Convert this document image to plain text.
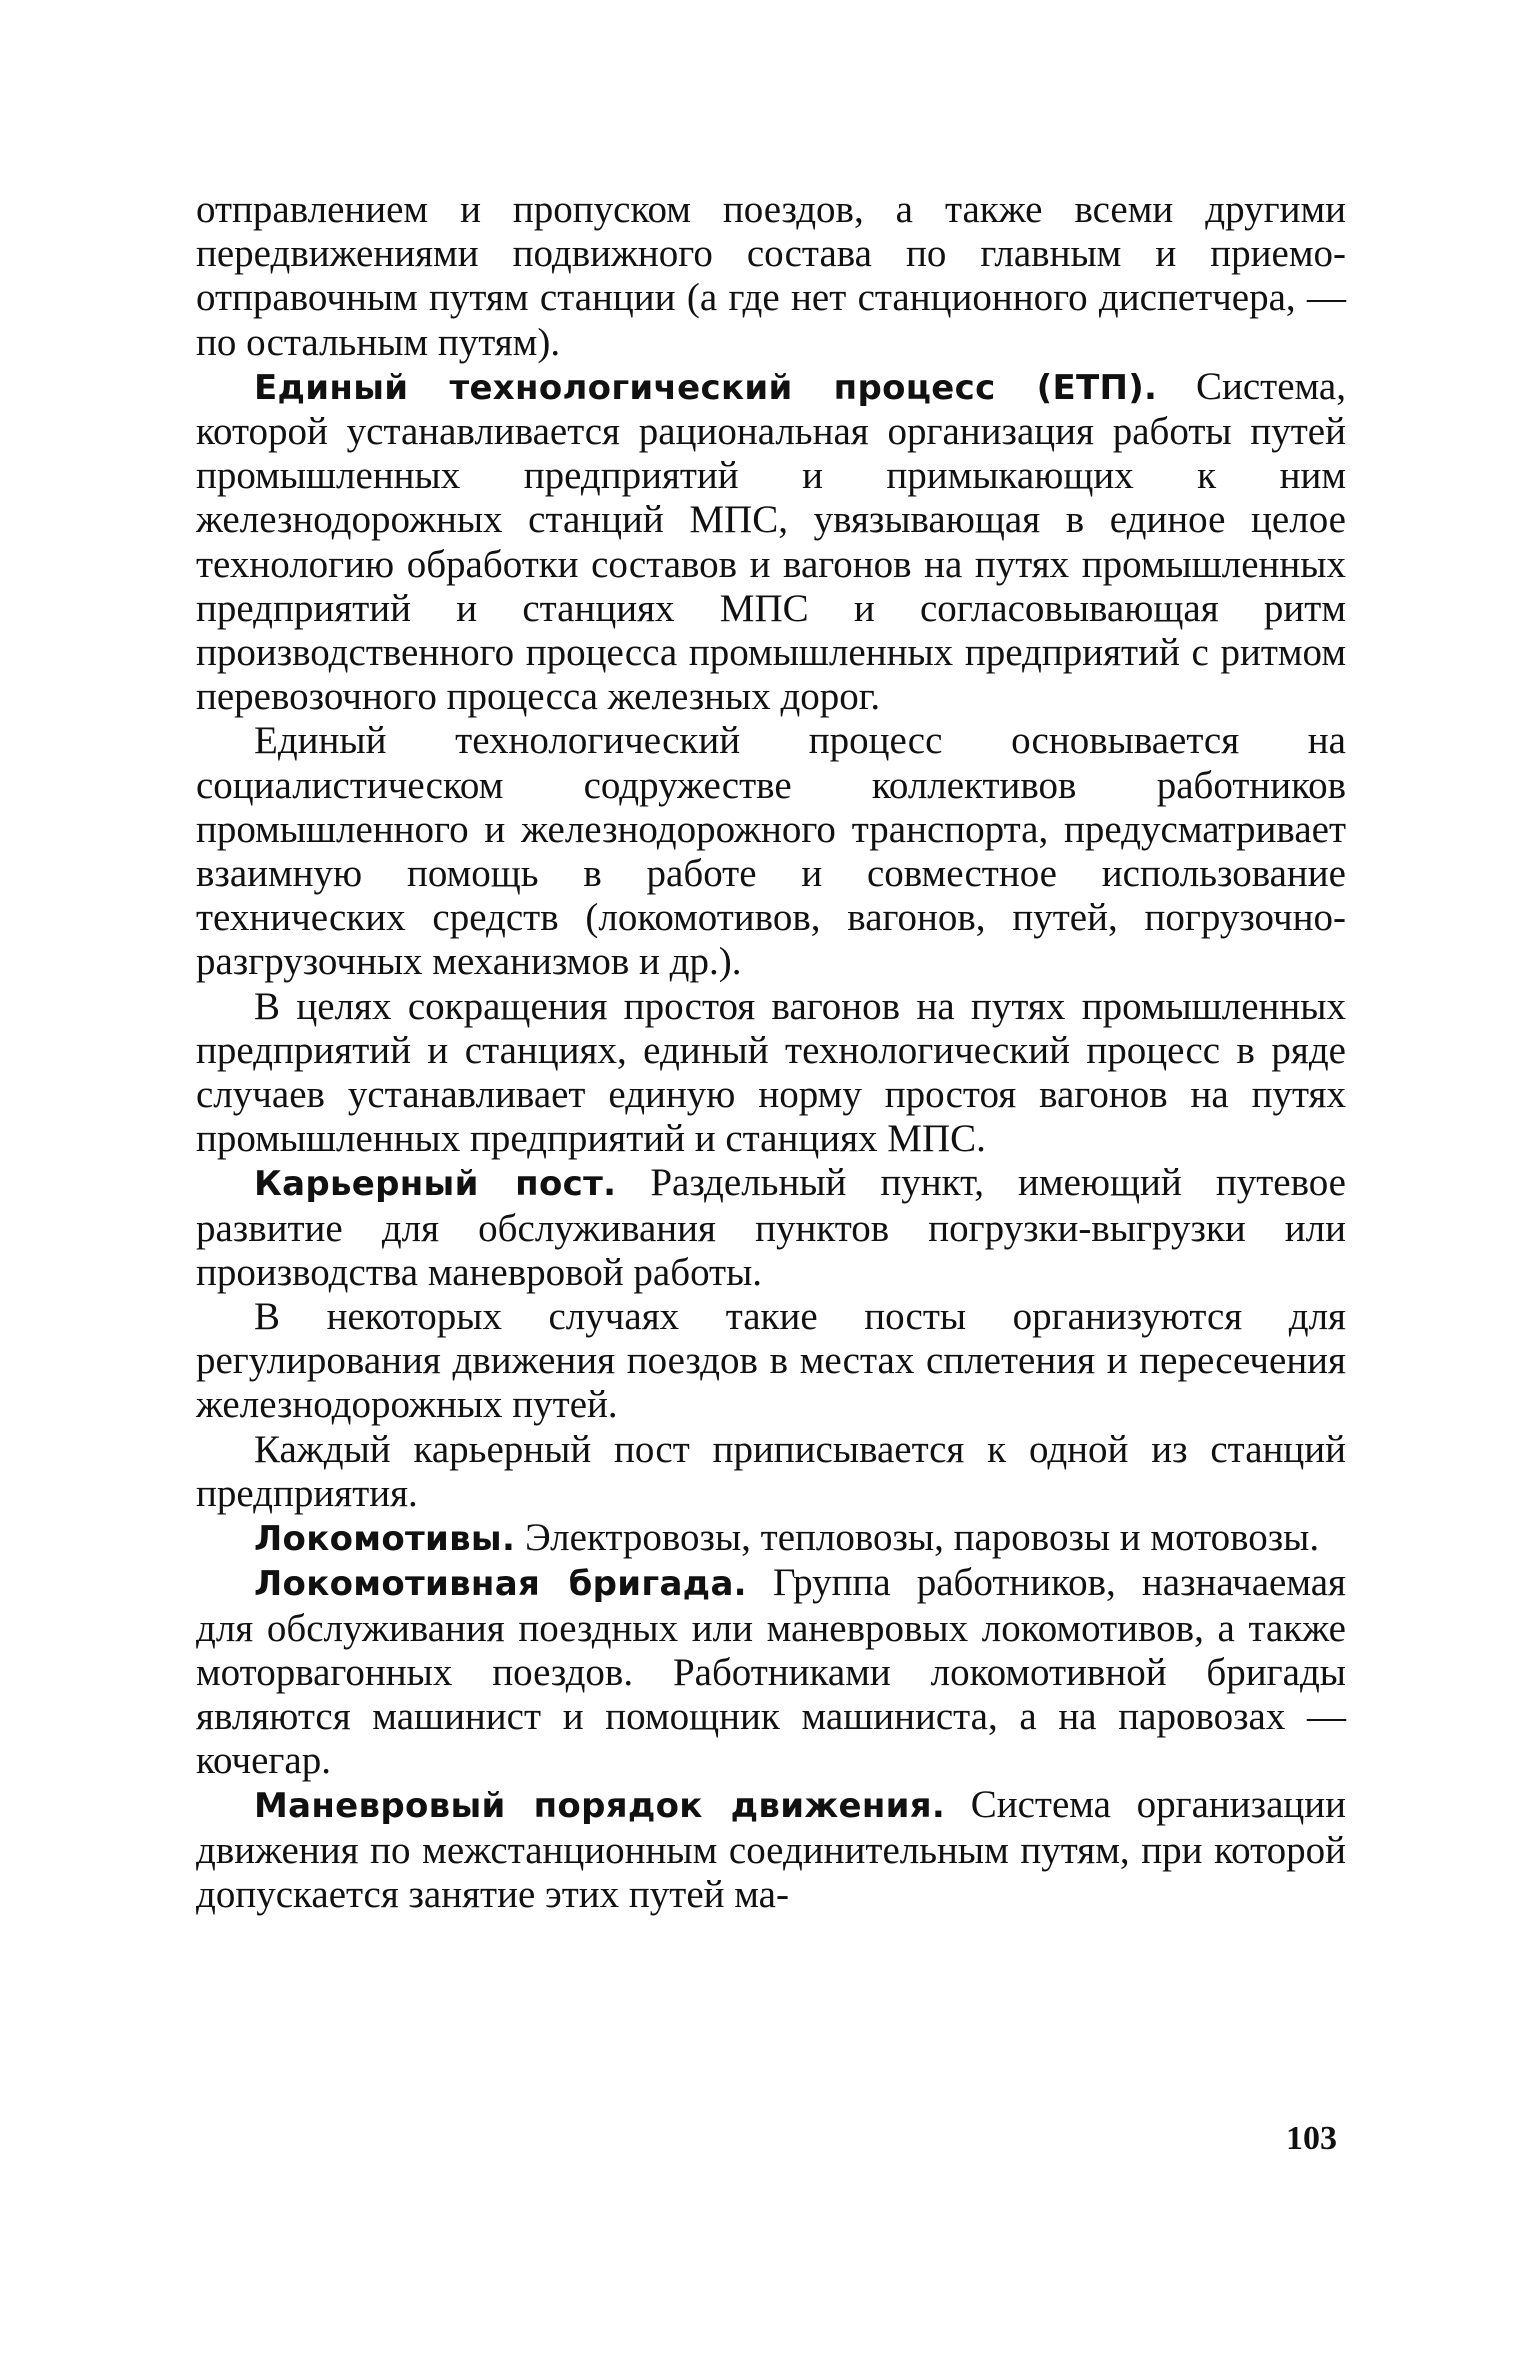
отправлением и пропуском поездов, а также всеми другими передвижениями подвижного состава по главным и приемо-отправочным путям станции (а где нет станционного диспетчера, — по остальным путям).

Единый технологический процесс (ЕТП). Система, которой устанавливается рациональная организация работы путей промышленных предприятий и примыкающих к ним железнодорожных станций МПС, увязывающая в единое целое технологию обработки составов и вагонов на путях промышленных предприятий и станциях МПС и согласовывающая ритм производственного процесса промышленных предприятий с ритмом перевозочного процесса железных дорог.

Единый технологический процесс основывается на социалистическом содружестве коллективов работников промышленного и железнодорожного транспорта, предусматривает взаимную помощь в работе и совместное использование технических средств (локомотивов, вагонов, путей, погрузочно-разгрузочных механизмов и др.).

В целях сокращения простоя вагонов на путях промышленных предприятий и станциях, единый технологический процесс в ряде случаев устанавливает единую норму простоя вагонов на путях промышленных предприятий и станциях МПС.

Карьерный пост. Раздельный пункт, имеющий путевое развитие для обслуживания пунктов погрузки-выгрузки или производства маневровой работы.

В некоторых случаях такие посты организуются для регулирования движения поездов в местах сплетения и пересечения железнодорожных путей.

Каждый карьерный пост приписывается к одной из станций предприятия.

Локомотивы. Электровозы, тепловозы, паровозы и мотовозы.

Локомотивная бригада. Группа работников, назначаемая для обслуживания поездных или маневровых локомотивов, а также моторвагонных поездов. Работниками локомотивной бригады являются машинист и помощник машиниста, а на паровозах — кочегар.

Маневровый порядок движения. Система организации движения по межстанционным соединительным путям, при которой допускается занятие этих путей ма-

103
